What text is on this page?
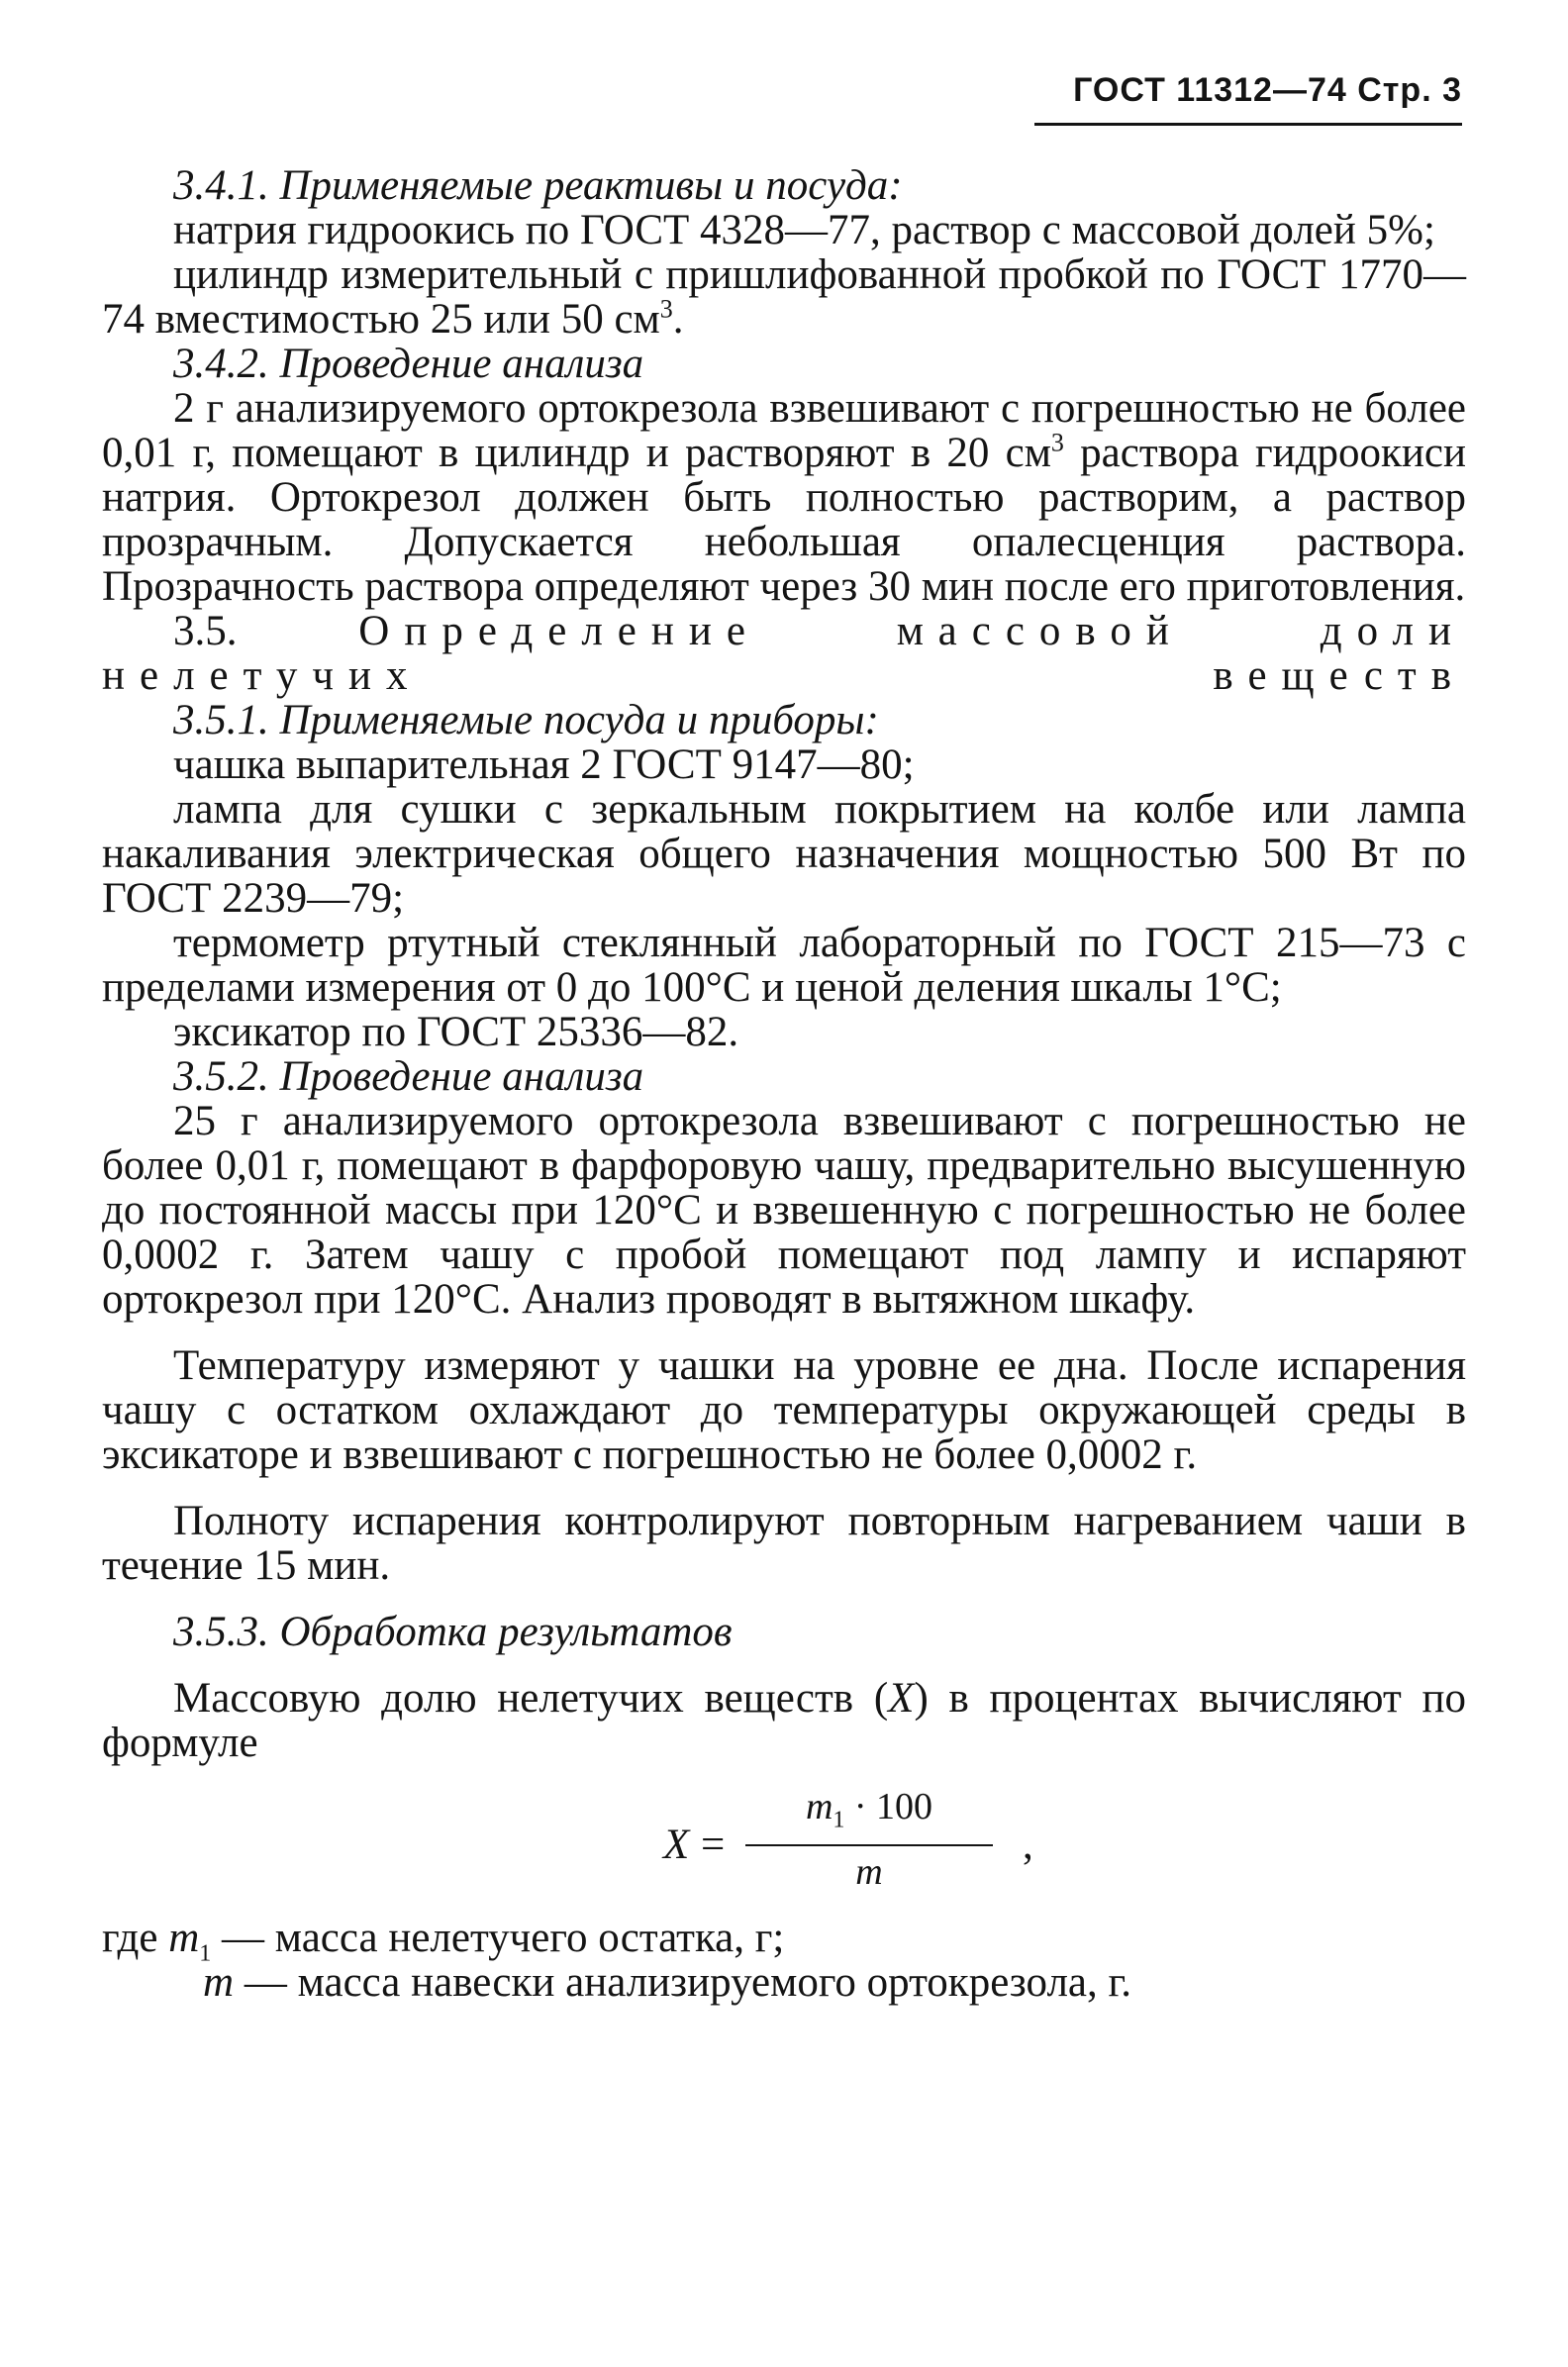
ГОСТ 11312—74 Стр. 3

3.4.1. Применяемые реактивы и посуда:

натрия гидроокись по ГОСТ 4328—77, раствор с массовой долей 5%;

цилиндр измерительный с пришлифованной пробкой по ГОСТ 1770—74 вместимостью 25 или 50 $см^3$.

3.4.2. Проведение анализа

2 г анализируемого ортокрезола взвешивают с погрешностью не более 0,01 г, помещают в цилиндр и растворяют в 20 $см^3$ раствора гидроокиси натрия. Ортокрезол должен быть полностью растворим, а раствор прозрачным. Допускается небольшая опалесценция раствора. Прозрачность раствора определяют через 30 мин после его приготовления.

3.5.	Определение массовой доли нелетучих веществ

3.5.1. Применяемые посуда и приборы:

чашка выпарительная 2 ГОСТ 9147—80;

лампа для сушки с зеркальным покрытием на колбе или лампа накаливания электрическая общего назначения мощностью 500 Вт по ГОСТ 2239—79;

термометр ртутный стеклянный лабораторный по ГОСТ 215—73 с пределами измерения от 0 до 100°С и ценой деления шкалы 1°С;

эксикатор по ГОСТ 25336—82.

3.5.2. Проведение анализа

25 г анализируемого ортокрезола взвешивают с погрешностью не более 0,01 г, помещают в фарфоровую чашу, предварительно высушенную до постоянной массы при 120°С и взвешенную с погрешностью не более 0,0002 г. Затем чашу с пробой помещают под лампу и испаряют ортокрезол при 120°С. Анализ проводят в вытяжном шкафу.

Температуру измеряют у чашки на уровне ее дна. После испарения чашу с остатком охлаждают до температуры окружающей среды в эксикаторе и взвешивают с погрешностью не более 0,0002 г.

Полноту испарения контролируют повторным нагреванием чаши в течение 15 мин.

3.5.3. Обработка результатов

Массовую долю нелетучих веществ (X) в процентах вычисляют по формуле

X =
$m_1 \cdot 100$
m
,

где $m_1$ — масса нелетучего остатка, г;

m — масса навески анализируемого ортокрезола, г.
